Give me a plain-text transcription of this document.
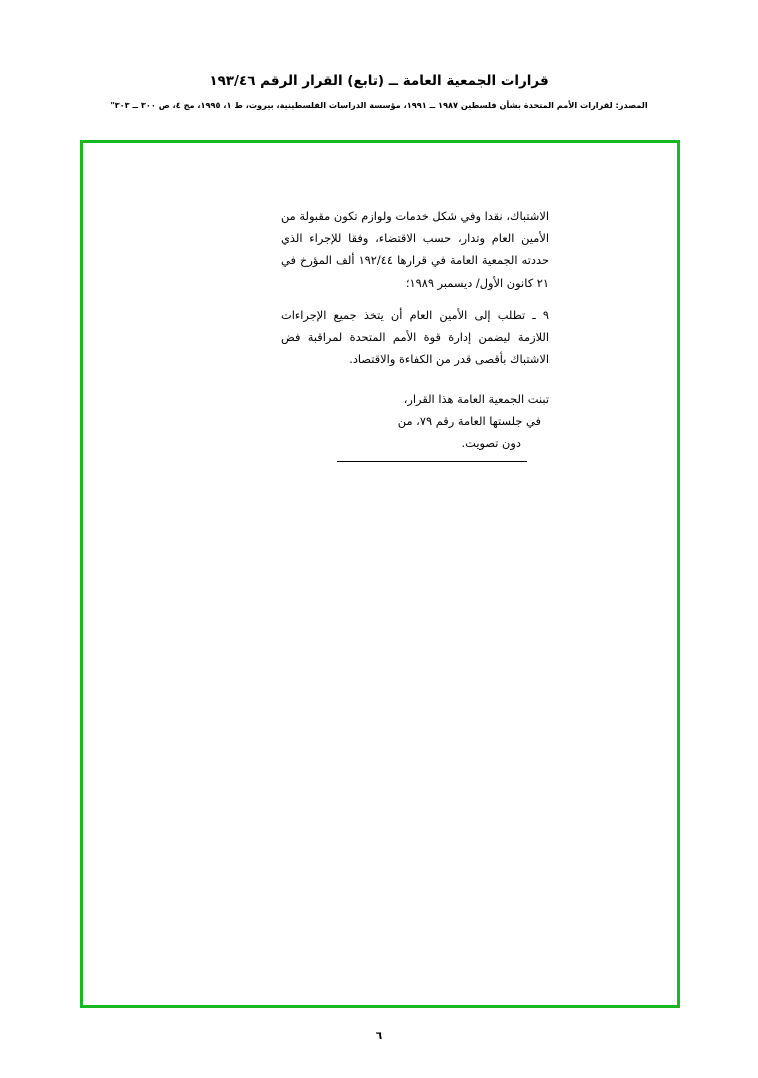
قرارات الجمعية العامة ــ (تابع) القرار الرقم ١٩٣/٤٦
المصدر: لقرارات الأمم المتحدة بشأن فلسطين ١٩٨٧ ــ ١٩٩١، مؤسسة الدراسات الفلسطينية، بيروت، ط ١، ١٩٩٥، مج ٤، ص ٣٠٠ ــ ٣٠٣"

الاشتباك، نقدا وفي شكل خدمات ولوازم تكون مقبولة من الأمين العام وتدار، حسب الاقتضاء، وفقا للإجراء الذي حددته الجمعية العامة في قرارها ١٩٢/٤٤ ألف المؤرخ في ٢١ كانون الأول/ ديسمبر ١٩٨٩؛

٩ ـ تطلب إلى الأمين العام أن يتخذ جميع الإجراءات اللازمة ليضمن إدارة قوة الأمم المتحدة لمراقبة فض الاشتباك بأقصى قدر من الكفاءة والاقتصاد.

تبنت الجمعية العامة هذا القرار،

في جلستها العامة رقم ٧٩، من

دون تصويت.

٦
